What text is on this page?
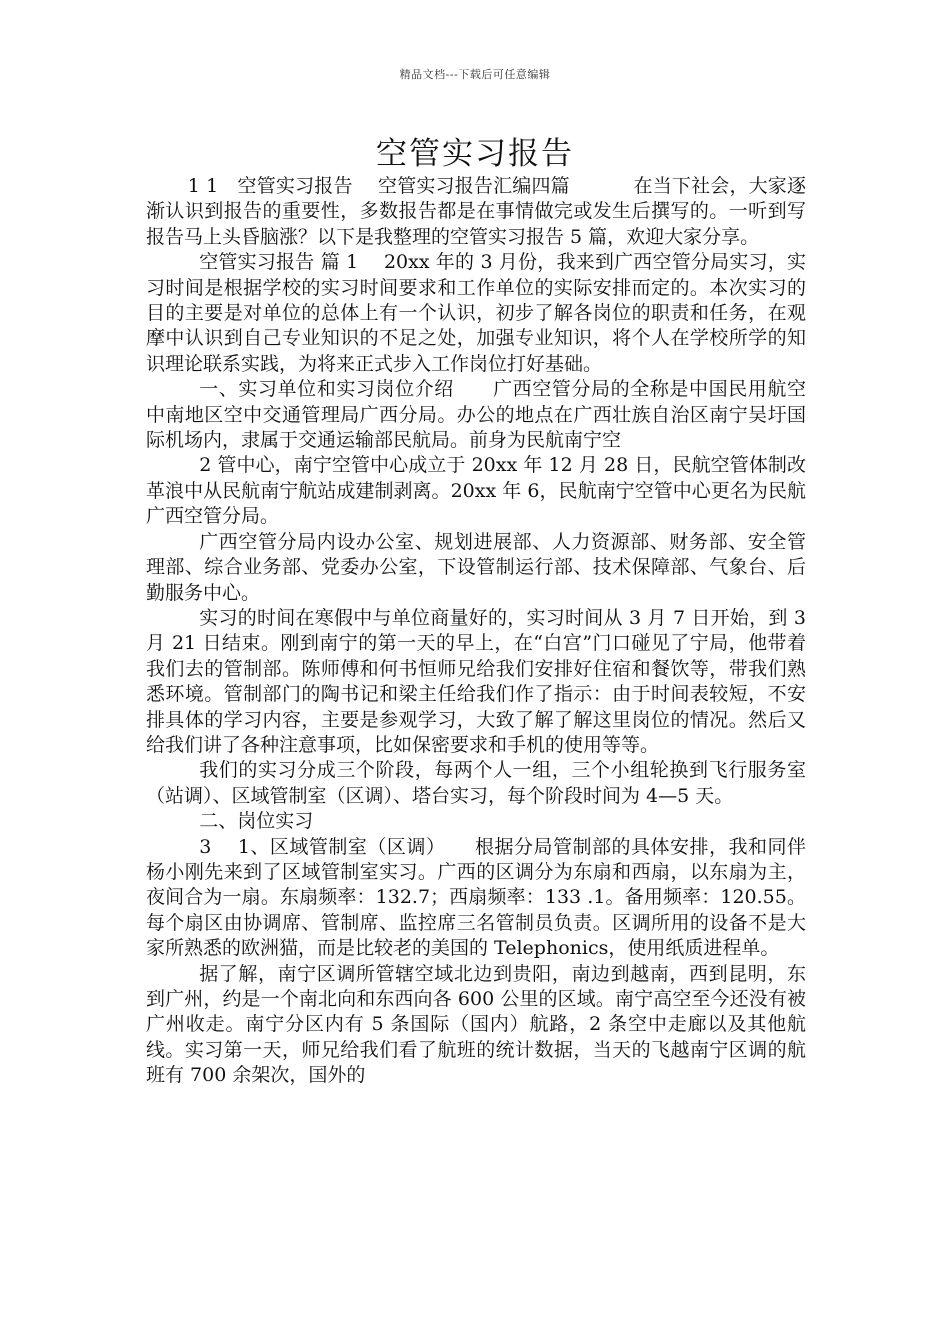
精品文档---下载后可任意编辑
空管实习报告

1 1　空管实习报告　 空管实习报告汇编四篇　　　 在当下社会，大家逐渐认识到报告的重要性，多数报告都是在事情做完或发生后撰写的。一听到写报告马上头昏脑涨？以下是我整理的空管实习报告 5 篇，欢迎大家分享。

空管实习报告 篇 1　 20xx 年的 3 月份，我来到广西空管分局实习，实习时间是根据学校的实习时间要求和工作单位的实际安排而定的。本次实习的目的主要是对单位的总体上有一个认识，初步了解各岗位的职责和任务，在观摩中认识到自己专业知识的不足之处，加强专业知识，将个人在学校所学的知识理论联系实践，为将来正式步入工作岗位打好基础。

一、实习单位和实习岗位介绍　　广西空管分局的全称是中国民用航空中南地区空中交通管理局广西分局。办公的地点在广西壮族自治区南宁吴圩国际机场内，隶属于交通运输部民航局。前身为民航南宁空

2 管中心，南宁空管中心成立于 20xx 年 12 月 28 日，民航空管体制改革浪中从民航南宁航站成建制剥离。20xx 年 6，民航南宁空管中心更名为民航广西空管分局。

广西空管分局内设办公室、规划进展部、人力资源部、财务部、安全管理部、综合业务部、党委办公室，下设管制运行部、技术保障部、气象台、后勤服务中心。

实习的时间在寒假中与单位商量好的，实习时间从 3 月 7 日开始，到 3 月 21 日结束。刚到南宁的第一天的早上，在“白宫”门口碰见了宁局，他带着我们去的管制部。陈师傅和何书恒师兄给我们安排好住宿和餐饮等，带我们熟悉环境。管制部门的陶书记和梁主任给我们作了指示：由于时间表较短，不安排具体的学习内容，主要是参观学习，大致了解了解这里岗位的情况。然后又给我们讲了各种注意事项，比如保密要求和手机的使用等等。

我们的实习分成三个阶段，每两个人一组，三个小组轮换到飞行服务室（站调）、区域管制室（区调）、塔台实习，每个阶段时间为 4—5 天。

二、岗位实习

3　 1、区域管制室（区调）　　根据分局管制部的具体安排，我和同伴杨小刚先来到了区域管制室实习。广西的区调分为东扇和西扇，以东扇为主，夜间合为一扇。东扇频率：132.7；西扇频率：133 .1。备用频率：120.55。每个扇区由协调席、管制席、监控席三名管制员负责。区调所用的设备不是大家所熟悉的欧洲猫，而是比较老的美国的 Telephonics，使用纸质进程单。

据了解，南宁区调所管辖空域北边到贵阳，南边到越南，西到昆明，东到广州，约是一个南北向和东西向各 600 公里的区域。南宁高空至今还没有被广州收走。南宁分区内有 5 条国际（国内）航路，2 条空中走廊以及其他航线。实习第一天，师兄给我们看了航班的统计数据，当天的飞越南宁区调的航班有 700 余架次，国外的
